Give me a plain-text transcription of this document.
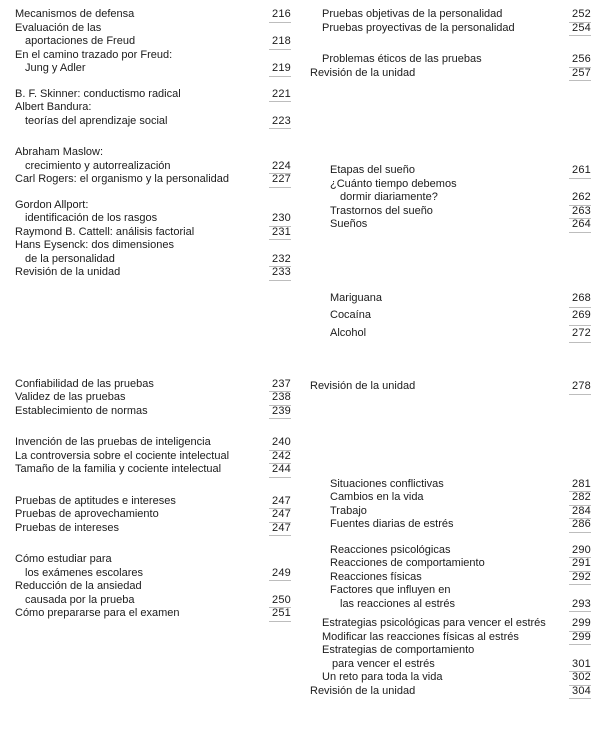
Mecanismos de defensa	216
Evaluación de las
aportaciones de Freud	218
En el camino trazado por Freud:
Jung y Adler	219
B. F. Skinner: conductismo radical	221
Albert Bandura:
teorías del aprendizaje social	223
Abraham Maslow:
crecimiento y autorrealización	224
Carl Rogers: el organismo y la personalidad	227
Gordon Allport:
identificación de los rasgos	230
Raymond B. Cattell: análisis factorial	231
Hans Eysenck: dos dimensiones
de la personalidad	232
Revisión de la unidad	233
Confiabilidad de las pruebas	237
Validez de las pruebas	238
Establecimiento de normas	239
Invención de las pruebas de inteligencia	240
La controversia sobre el cociente intelectual	242
Tamaño de la familia y cociente intelectual	244
Pruebas de aptitudes e intereses	247
Pruebas de aprovechamiento	247
Pruebas de intereses	247
Cómo estudiar para
los exámenes escolares	249
Reducción de la ansiedad
causada por la prueba	250
Cómo prepararse para el examen	251
Pruebas objetivas de la personalidad	252
Pruebas proyectivas de la personalidad	254
Problemas éticos de las pruebas	256
Revisión de la unidad	257
Etapas del sueño	261
¿Cuánto tiempo debemos
dormir diariamente?	262
Trastornos del sueño	263
Sueños	264
Mariguana	268
Cocaína	269
Alcohol	272
Revisión de la unidad	278
Situaciones conflictivas	281
Cambios en la vida	282
Trabajo	284
Fuentes diarias de estrés	286
Reacciones psicológicas	290
Reacciones de comportamiento	291
Reacciones físicas	292
Factores que influyen en
las reacciones al estrés	293
Estrategias psicológicas para vencer el estrés	299
Modificar las reacciones físicas al estrés	299
Estrategias de comportamiento
para vencer el estrés	301
Un reto para toda la vida	302
Revisión de la unidad	304
